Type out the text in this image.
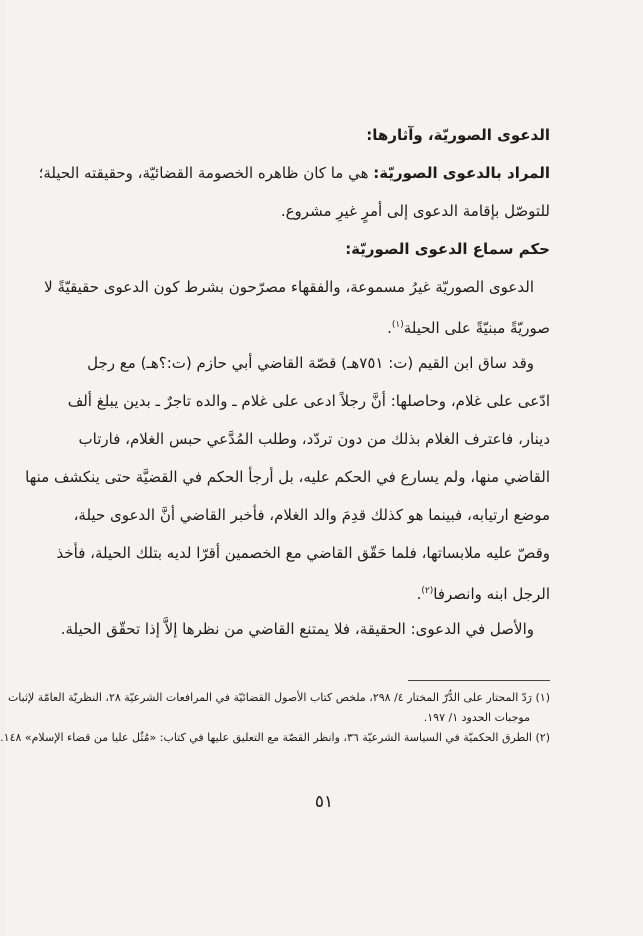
الدعوى الصوريّة، وآثارها:
المراد بالدعوى الصوريّة: هي ما كان ظاهره الخصومة القضائيّة، وحقيقته الحيلة؛
للتوصّل بإقامة الدعوى إلى أمرٍ غيرِ مشروع.
حكم سماع الدعوى الصوريّة:
الدعوى الصوريّة غيرُ مسموعة، والفقهاء مصرّحون بشرط كون الدعوى حقيقيّةً لا
صوريّةً مبنيّةً على الحيلة$^{(١)}$.
وقد ساق ابن القيم (ت: ٧٥١هـ) قصّة القاضي أبي حازم (ت:؟هـ) مع رجل
ادّعى على غلام، وحاصلها: أنَّ رجلاً ادعى على غلام ـ والده تاجرٌ ـ بدين يبلغ ألف
دينار، فاعترف الغلام بذلك من دون تردّد، وطلب المُدَّعي حبس الغلام، فارتاب
القاضي منها، ولم يسارع في الحكم عليه، بل أرجأ الحكم في القضيَّة حتى ينكشف منها
موضع ارتيابه، فبينما هو كذلك قدِمَ والد الغلام، فأخبر القاضي أنَّ الدعوى حيلة،
وقصّ عليه ملابساتها، فلما حَقّق القاضي مع الخصمين أقرّا لديه بتلك الحيلة، فأخذ
الرجل ابنه وانصرفا$^{(٢)}$.
والأصل في الدعوى: الحقيقة، فلا يمتنع القاضي من نظرها إلاَّ إذا تحقّق الحيلة.
(١) رَدّ المحتار على الدُّرّ المختار ٤/ ٢٩٨، ملخص كتاب الأصول القضائيّة في المرافعات الشرعيّة ٢٨، النظريّة العامّة لإثبات
موجبات الحدود ١/ ١٩٧.
(٢) الطرق الحكميّة في السياسة الشرعيّة ٣٦، وانظر القصّة مع التعليق عليها في كتاب: «مُثُل عليا من قضاء الإسلام» ١٤٨.
٥١
